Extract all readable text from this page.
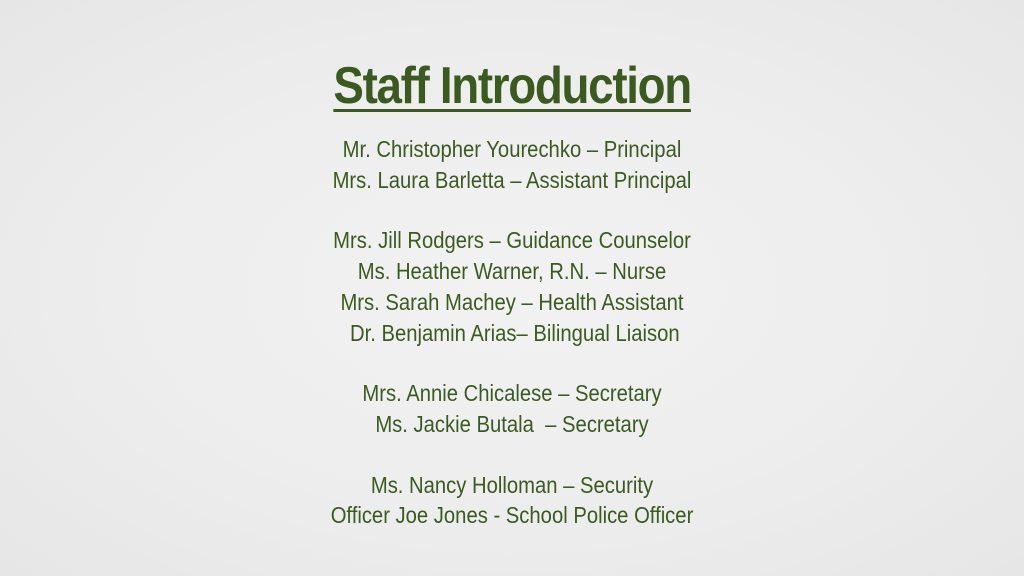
Staff Introduction
Mr. Christopher Yourechko – Principal
Mrs. Laura Barletta – Assistant Principal
Mrs. Jill Rodgers – Guidance Counselor
Ms. Heather Warner, R.N. – Nurse
Mrs. Sarah Machey – Health Assistant
Dr. Benjamin Arias– Bilingual Liaison
Mrs. Annie Chicalese – Secretary
Ms. Jackie Butala  – Secretary
Ms. Nancy Holloman – Security
Officer Joe Jones - School Police Officer
